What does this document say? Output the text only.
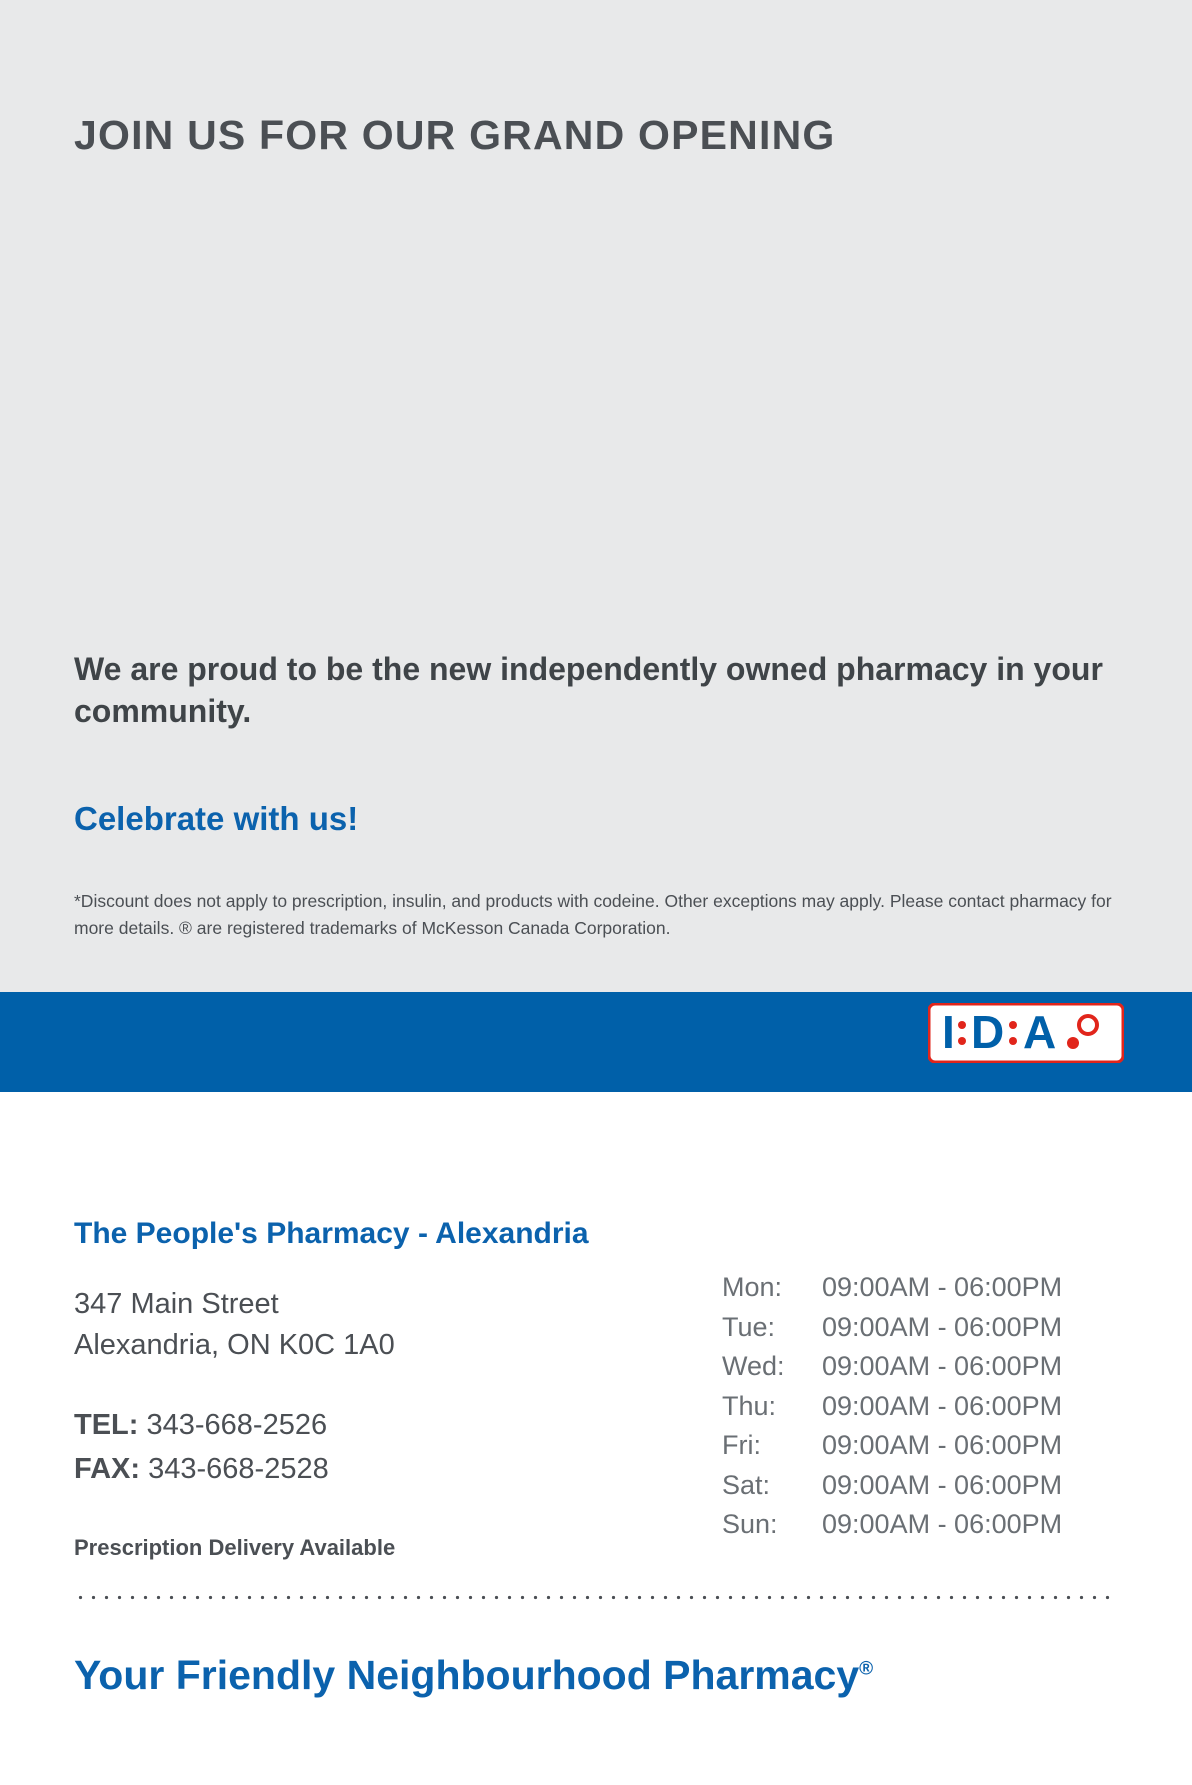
JOIN US FOR OUR GRAND OPENING
We are proud to be the new independently owned pharmacy in your community.
Celebrate with us!
*Discount does not apply to prescription, insulin, and products with codeine. Other exceptions may apply. Please contact pharmacy for more details. ® are registered trademarks of McKesson Canada Corporation.
I D A
The People's Pharmacy - Alexandria
347 Main Street
Alexandria, ON K0C 1A0
TEL: 343-668-2526
FAX: 343-668-2528
Prescription Delivery Available
Mon:	09:00AM - 06:00PM
Tue:	09:00AM - 06:00PM
Wed:	09:00AM - 06:00PM
Thu:	09:00AM - 06:00PM
Fri:	09:00AM - 06:00PM
Sat:	09:00AM - 06:00PM
Sun:	09:00AM - 06:00PM
Your Friendly Neighbourhood Pharmacy®
